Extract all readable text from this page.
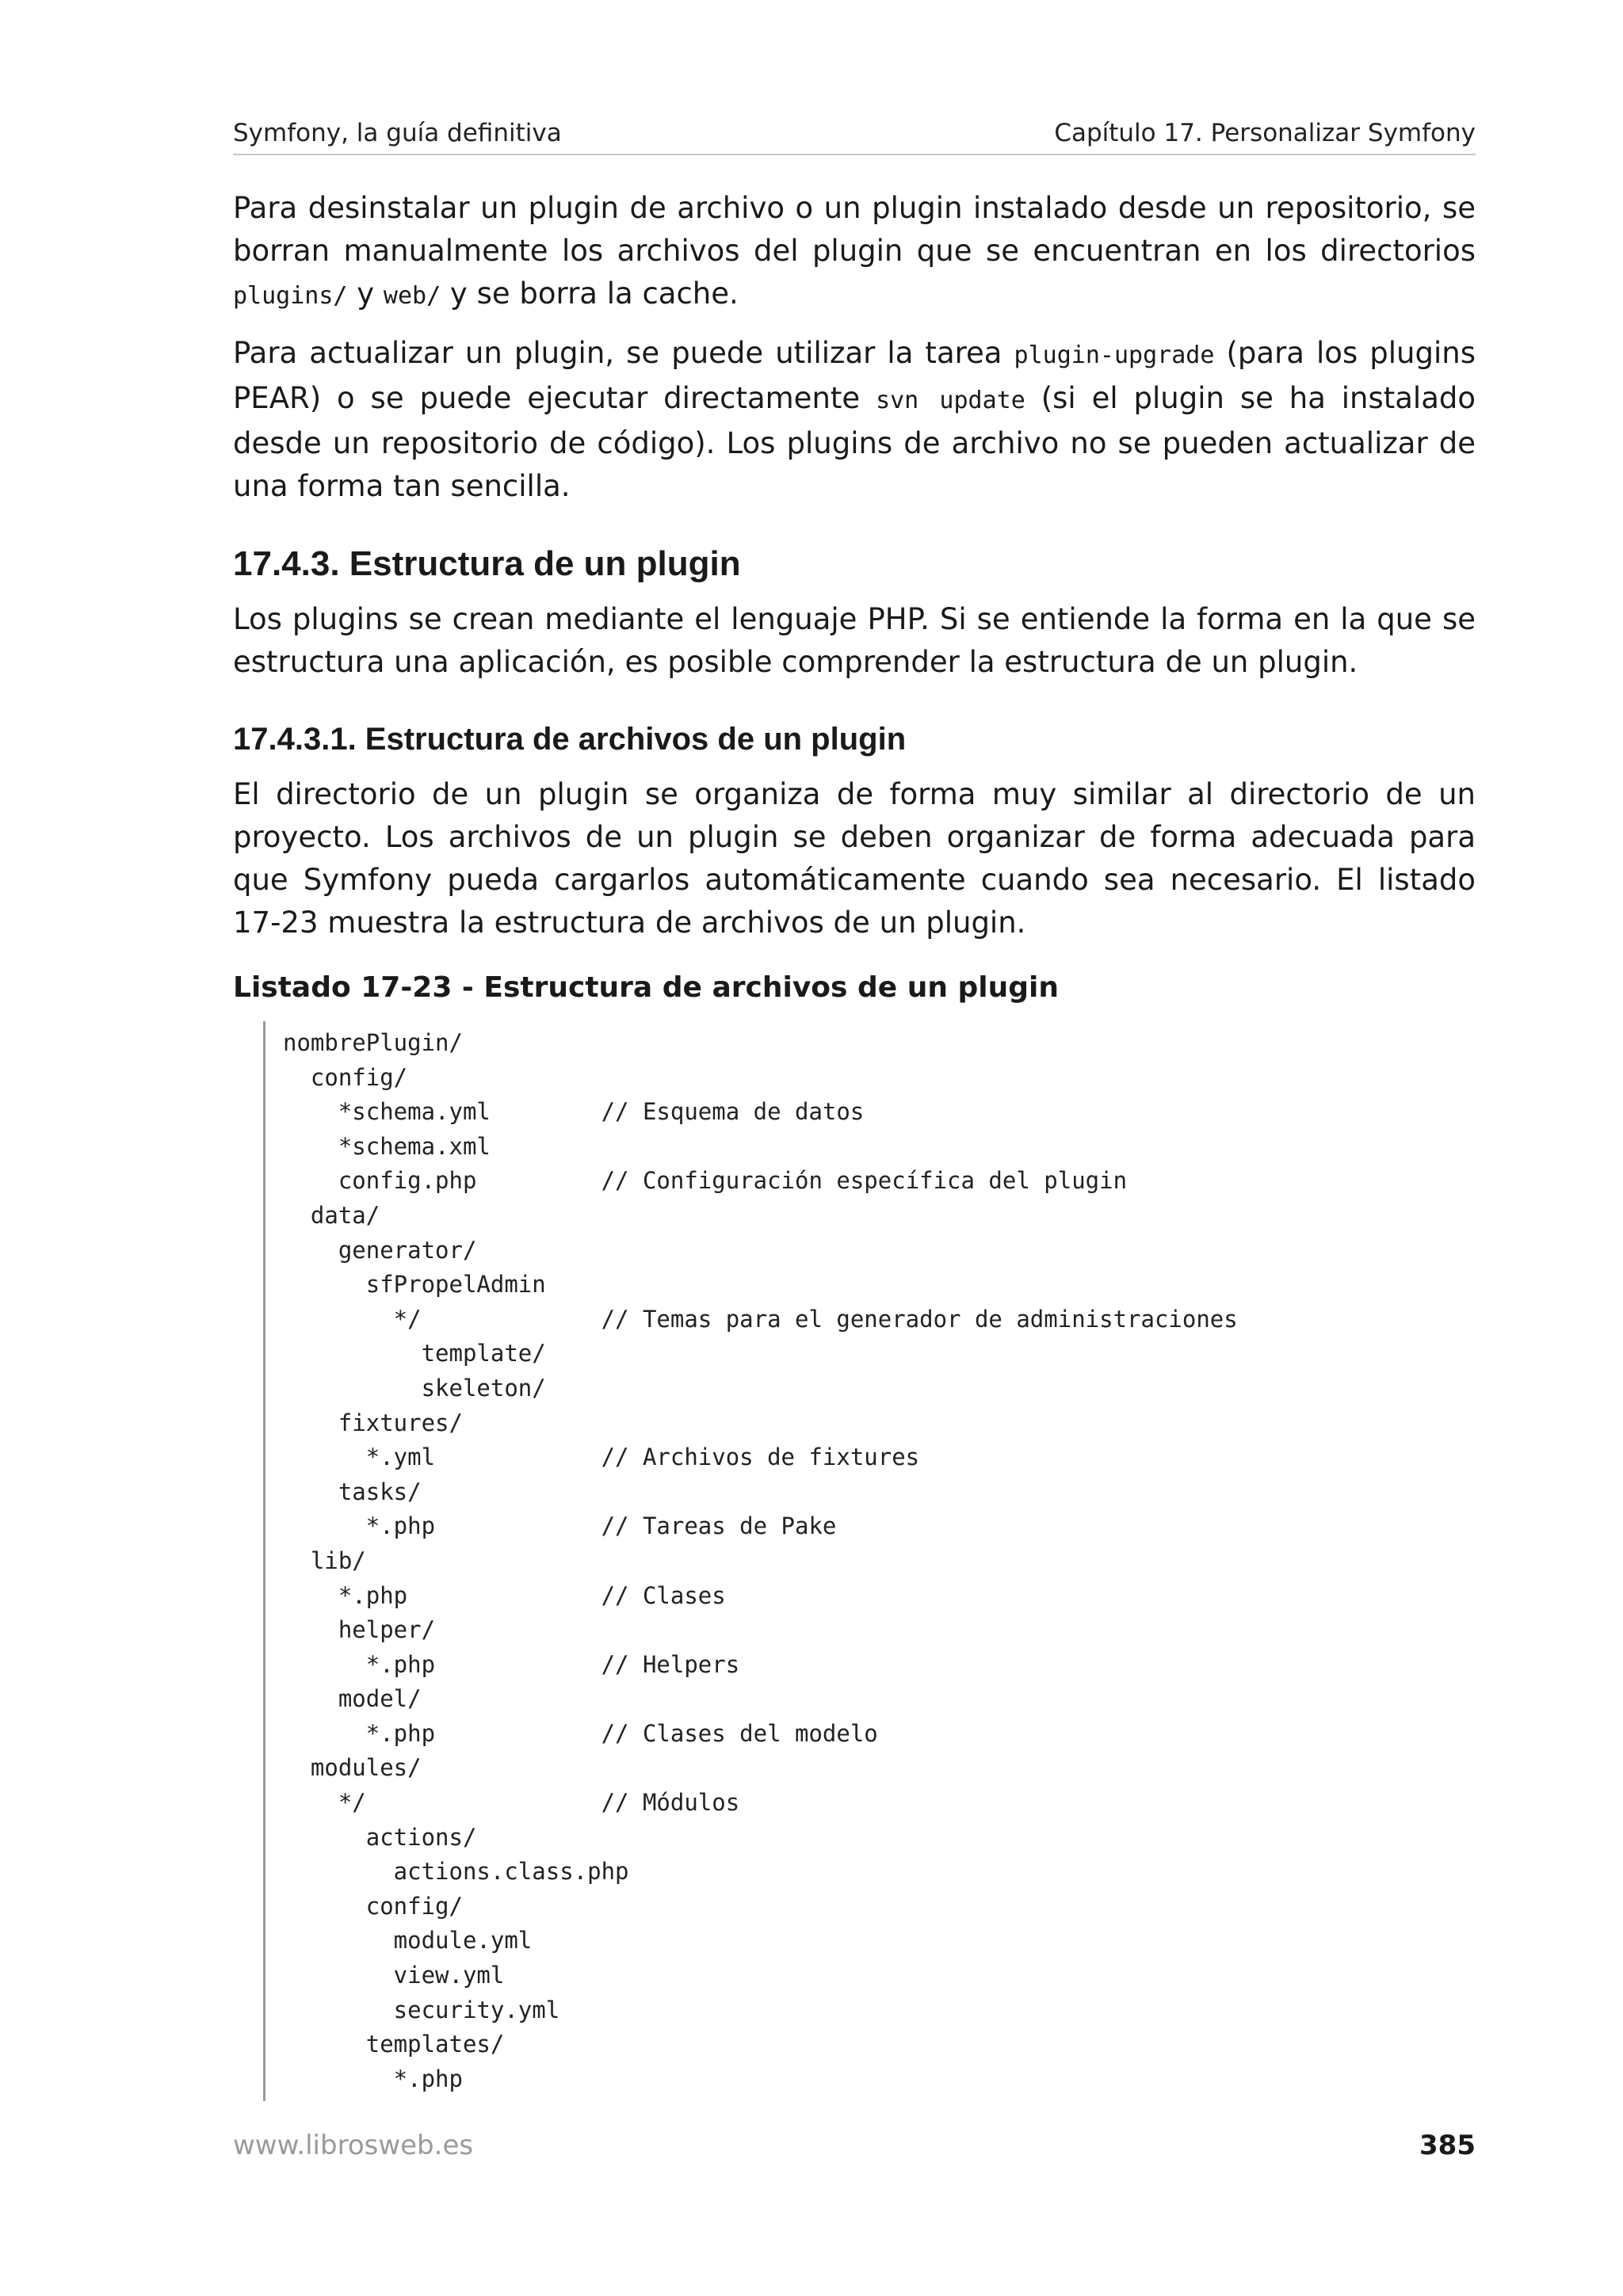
Symfony, la guía definitiva	Capítulo 17. Personalizar Symfony

Para desinstalar un plugin de archivo o un plugin instalado desde un repositorio, se borran manualmente los archivos del plugin que se encuentran en los directorios plugins/ y web/ y se borra la cache.

Para actualizar un plugin, se puede utilizar la tarea plugin-upgrade (para los plugins PEAR) o se puede ejecutar directamente svn update (si el plugin se ha instalado desde un repositorio de código). Los plugins de archivo no se pueden actualizar de una forma tan sencilla.

17.4.3. Estructura de un plugin

Los plugins se crean mediante el lenguaje PHP. Si se entiende la forma en la que se estructura una aplicación, es posible comprender la estructura de un plugin.

17.4.3.1. Estructura de archivos de un plugin

El directorio de un plugin se organiza de forma muy similar al directorio de un proyecto. Los archivos de un plugin se deben organizar de forma adecuada para que Symfony pueda cargarlos automáticamente cuando sea necesario. El listado 17-23 muestra la estructura de archivos de un plugin.

Listado 17-23 - Estructura de archivos de un plugin
nombrePlugin/
config/
*schema.yml        // Esquema de datos
*schema.xml
config.php         // Configuración específica del plugin
data/
generator/
sfPropelAdmin
*/             // Temas para el generador de administraciones
template/
skeleton/
fixtures/
*.yml            // Archivos de fixtures
tasks/
*.php            // Tareas de Pake
lib/
*.php              // Clases
helper/
*.php            // Helpers
model/
*.php            // Clases del modelo
modules/
*/                 // Módulos
actions/
actions.class.php
config/
module.yml
view.yml
security.yml
templates/
*.php
www.librosweb.es	385
